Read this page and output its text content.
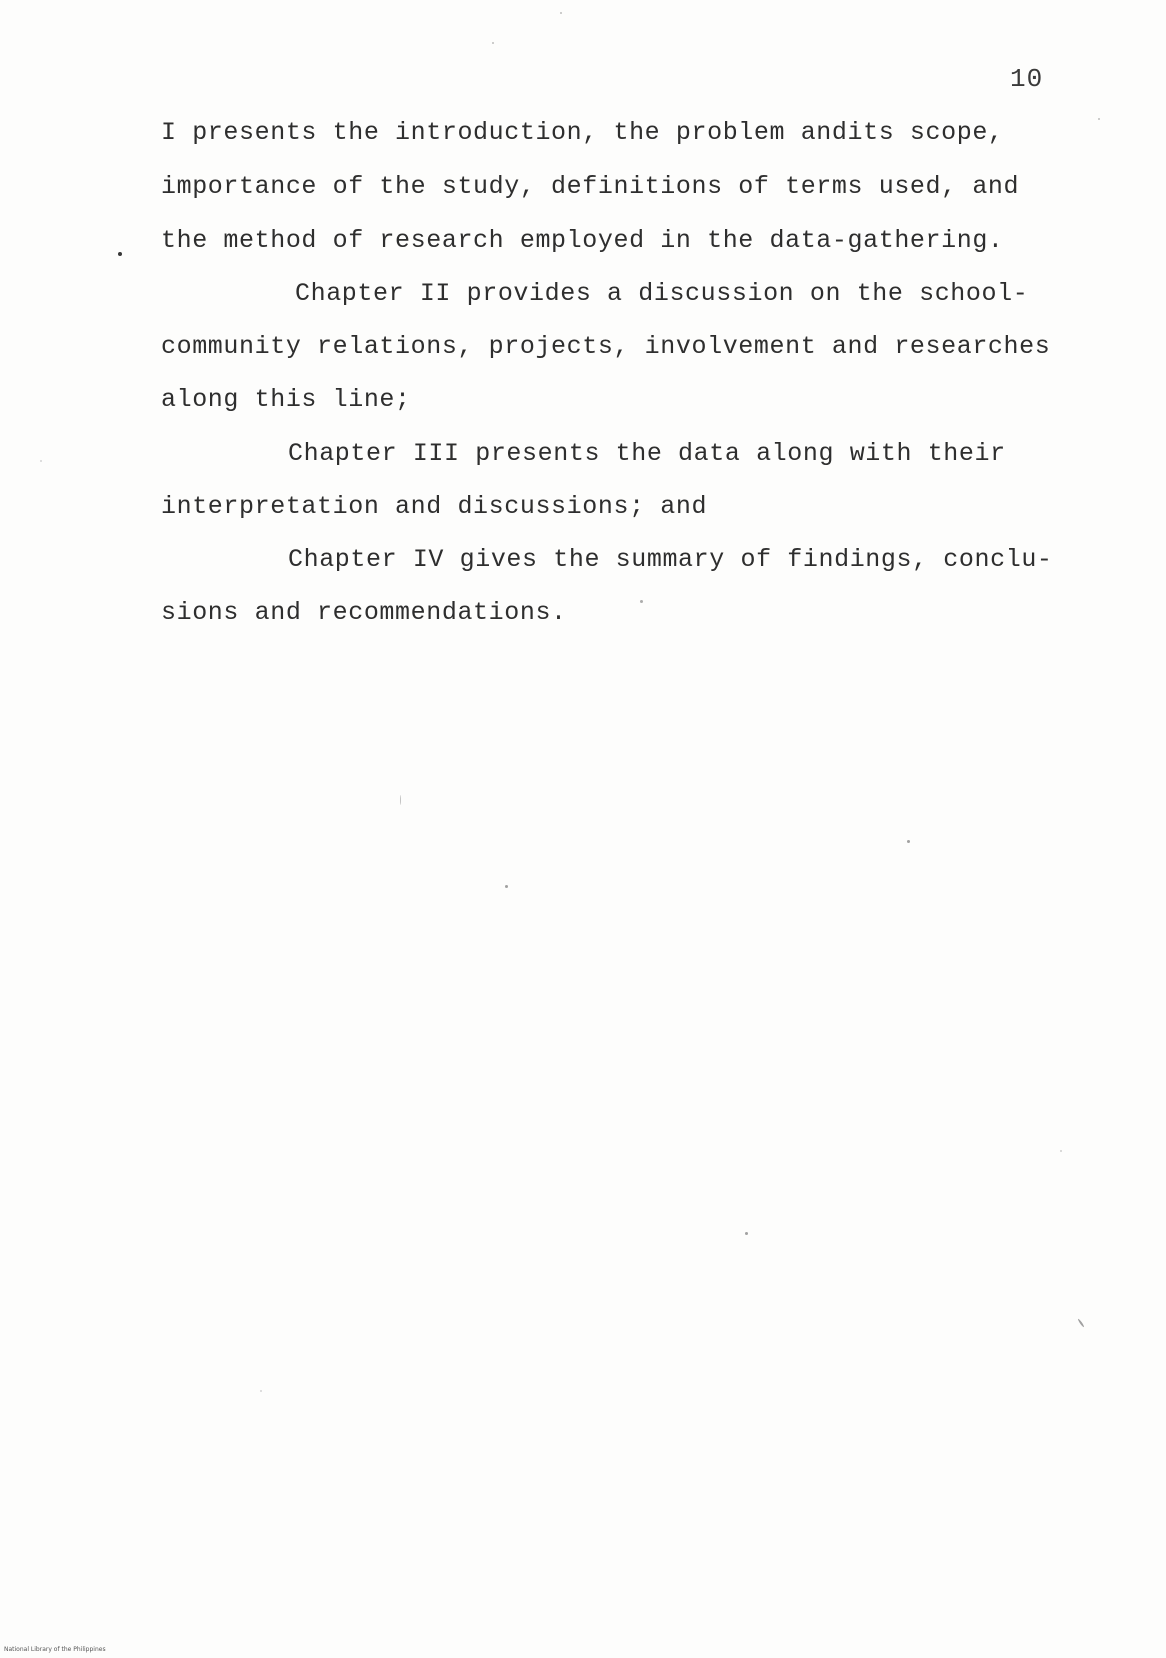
10
I presents the introduction, the problem andits scope,
importance of the study, definitions of terms used, and
the method of research employed in the data-gathering.
Chapter II provides a discussion on the school-
community relations, projects, involvement and researches
along this line;
Chapter III presents the data along with their
interpretation and discussions; and
Chapter IV gives the summary of findings, conclu-
sions and recommendations.
National Library of the Philippines
